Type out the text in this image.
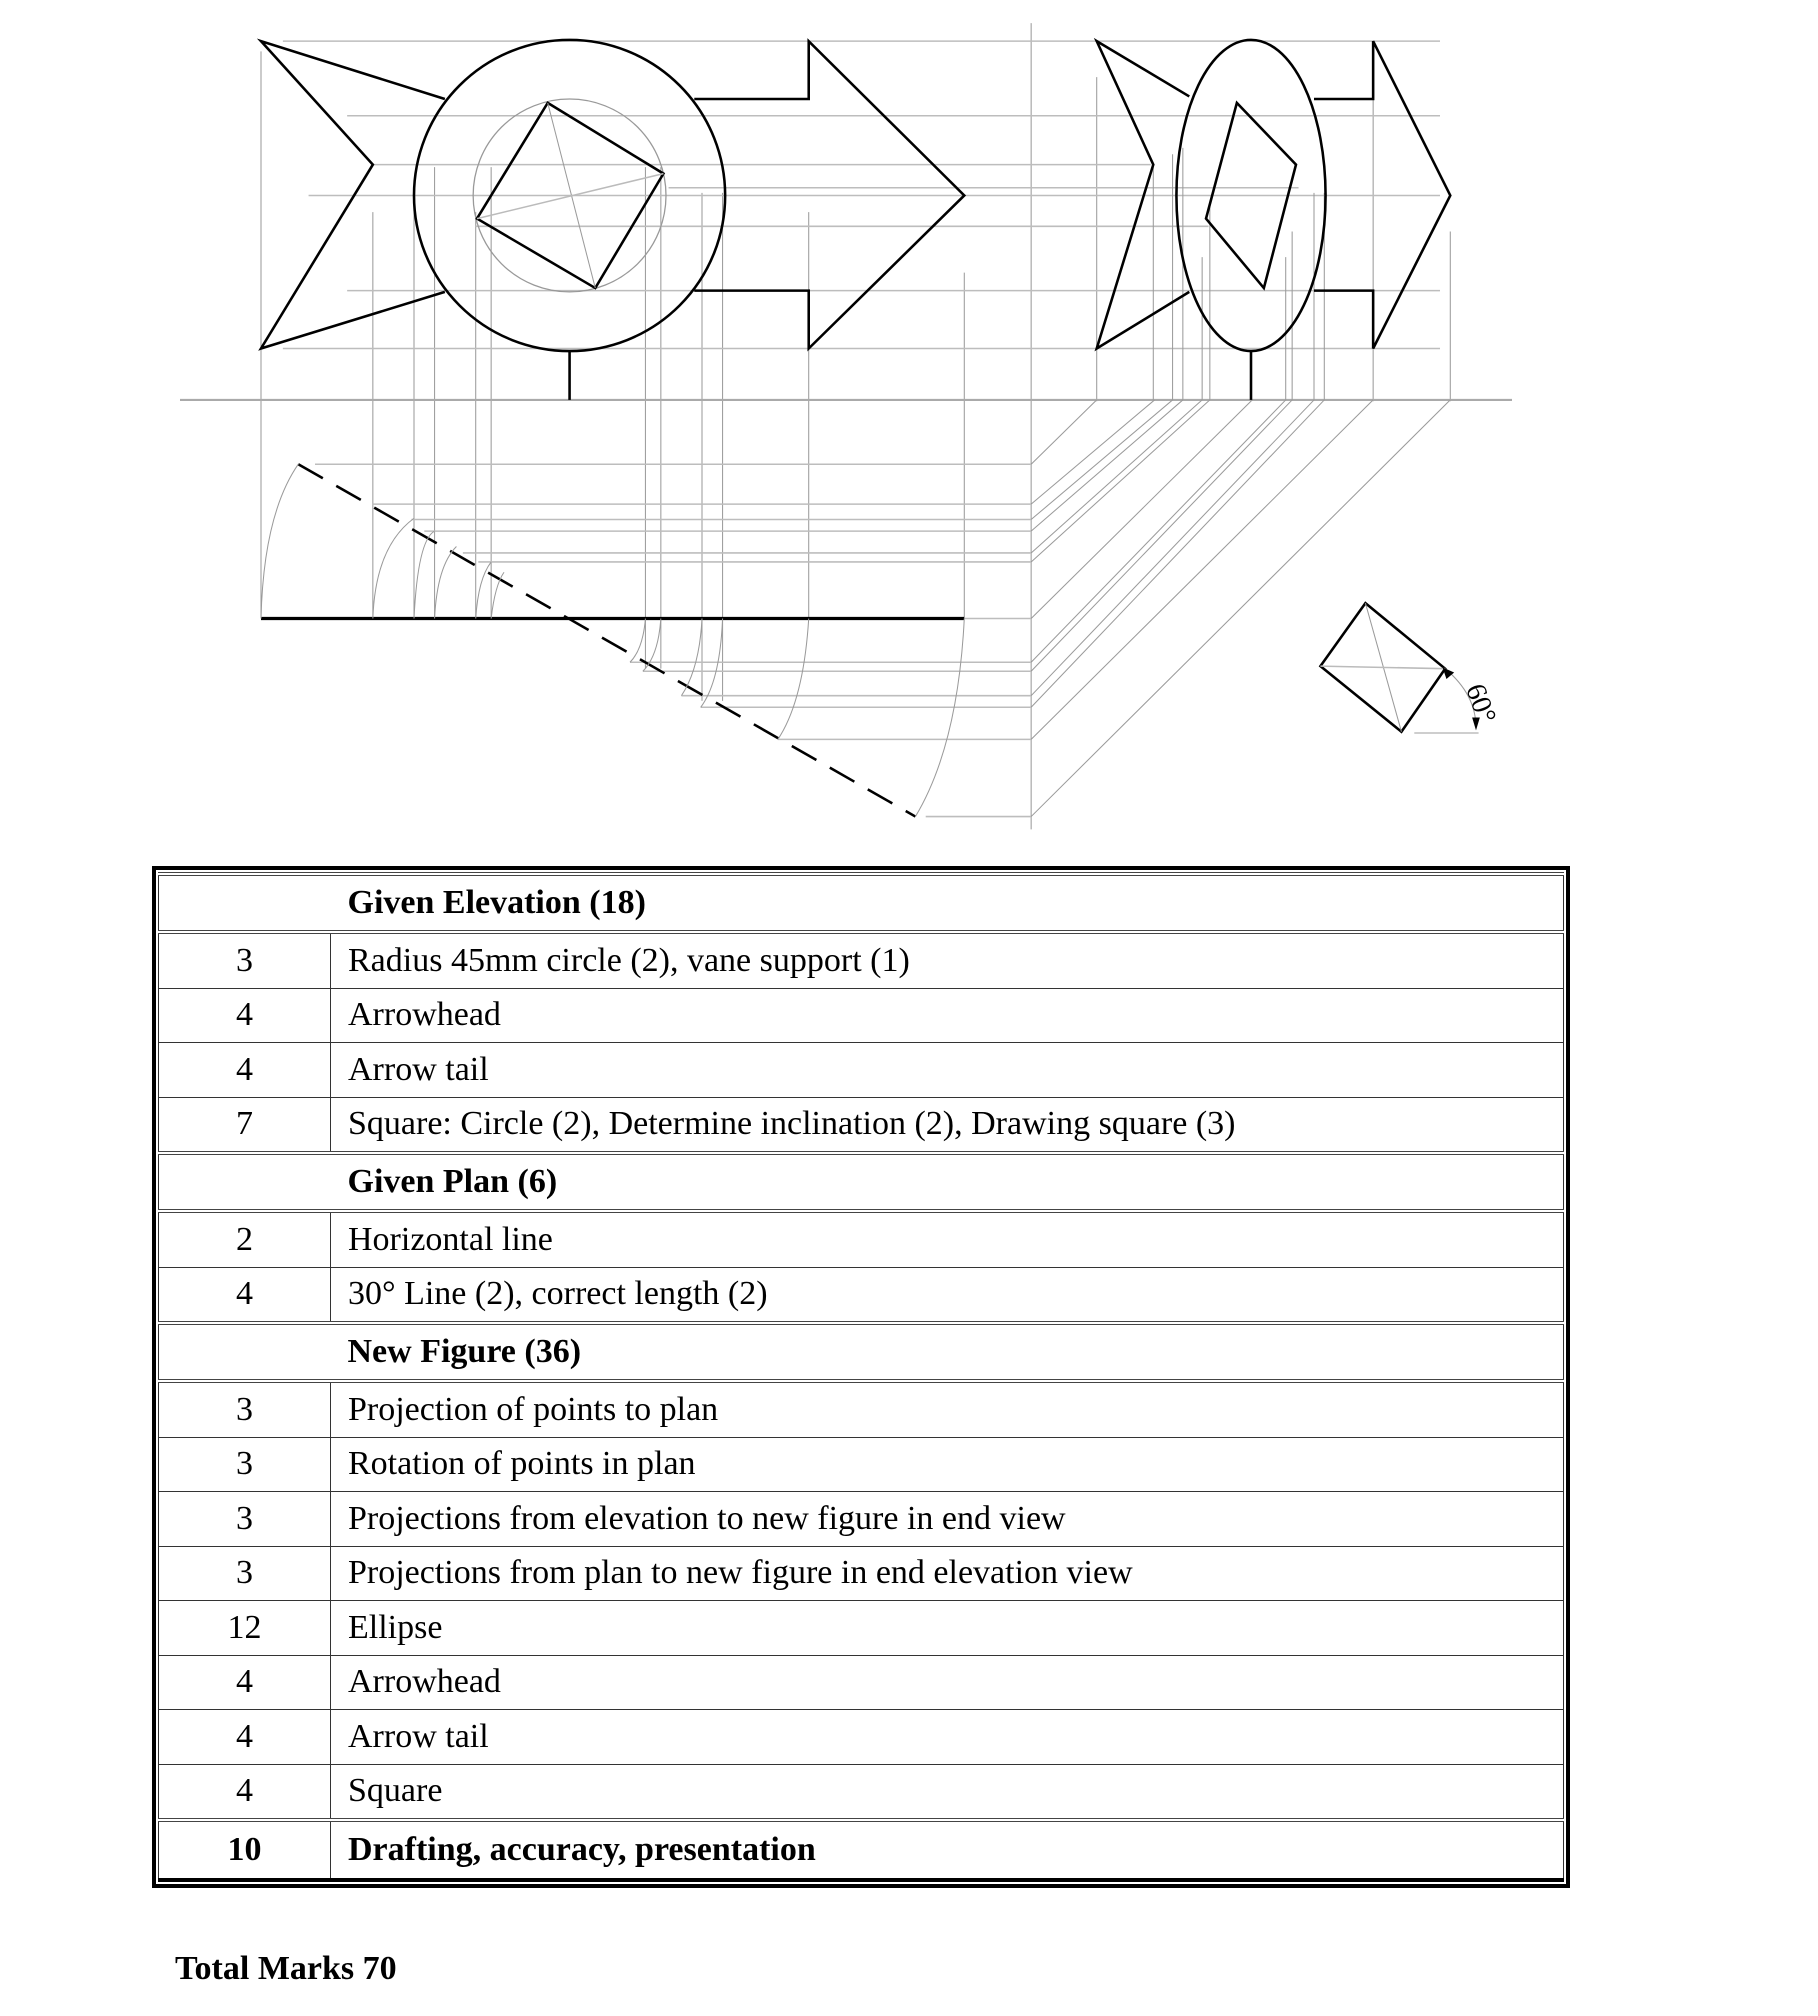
60°
	Given Elevation (18)
3	Radius 45mm circle (2), vane support (1)
4	Arrowhead
4	Arrow tail
7	Square: Circle (2), Determine inclination (2), Drawing square (3)
	Given Plan (6)
2	Horizontal line
4	30° Line (2), correct length (2)
	New Figure (36)
3	Projection of points to plan
3	Rotation of points in plan
3	Projections from elevation to new figure in end view
3	Projections from plan to new figure in end elevation view
12	Ellipse
4	Arrowhead
4	Arrow tail
4	Square
10	Drafting, accuracy, presentation
Total Marks 70
